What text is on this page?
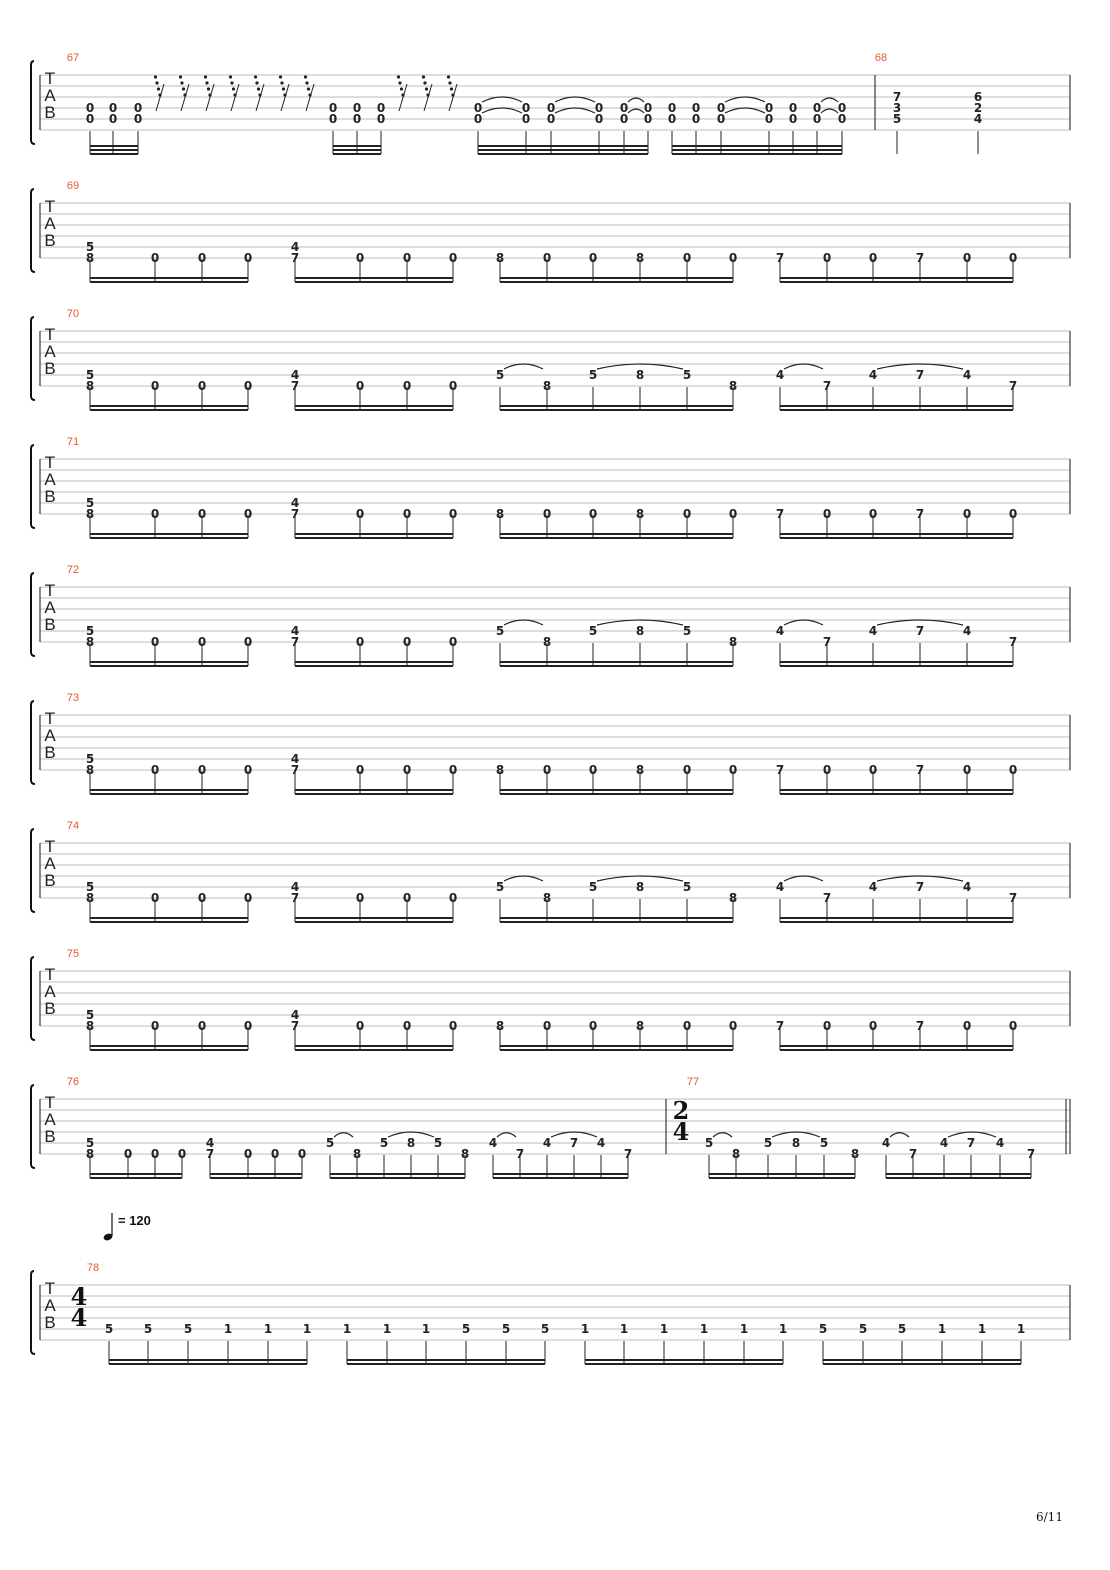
T
A
B
67	68
0
0
0
0
0
0
0
0
0
0
0
0
0
0
0
0
0
0
0
0
0
0
0
0
0
0
0
0
0
0
0
0
0
0
0
0
0
0
7
3
5
6
2
4
T
A
B
69
5
8	0	0	0
4
7	0	0	0	8	0	0	8	0	0	7	0	0	7	0	0
T
A
B
70
5
8	0	0	0
4
7	0	0	0
5
8
5	8	5
8
4
7
4	7	4
7
T
A
B
71
5
8	0	0	0
4
7	0	0	0	8	0	0	8	0	0	7	0	0	7	0	0
T
A
B
72
5
8	0	0	0
4
7	0	0	0
5
8
5	8	5
8
4
7
4	7	4
7
T
A
B
73
5
8	0	0	0
4
7	0	0	0	8	0	0	8	0	0	7	0	0	7	0	0
T
A
B
74
5
8	0	0	0
4
7	0	0	0
5
8
5	8	5
8
4
7
4	7	4
7
T
A
B
75
5
8	0	0	0
4
7	0	0	0	8	0	0	8	0	0	7	0	0	7	0	0
T
A
B
76	77
5
8 0 0 0
4
7 0 0 0
5
8
5 8 5
8
4
7
4 7 4
7
2
4 5
8
5 8 5
8
4
7
4 7 4
7
T
A
B
78
= 120
4
4 5	5	5	1	1	1	1	1	1	5	5	5	1	1	1	1	1	1	5	5	5	1	1	1
6/11
